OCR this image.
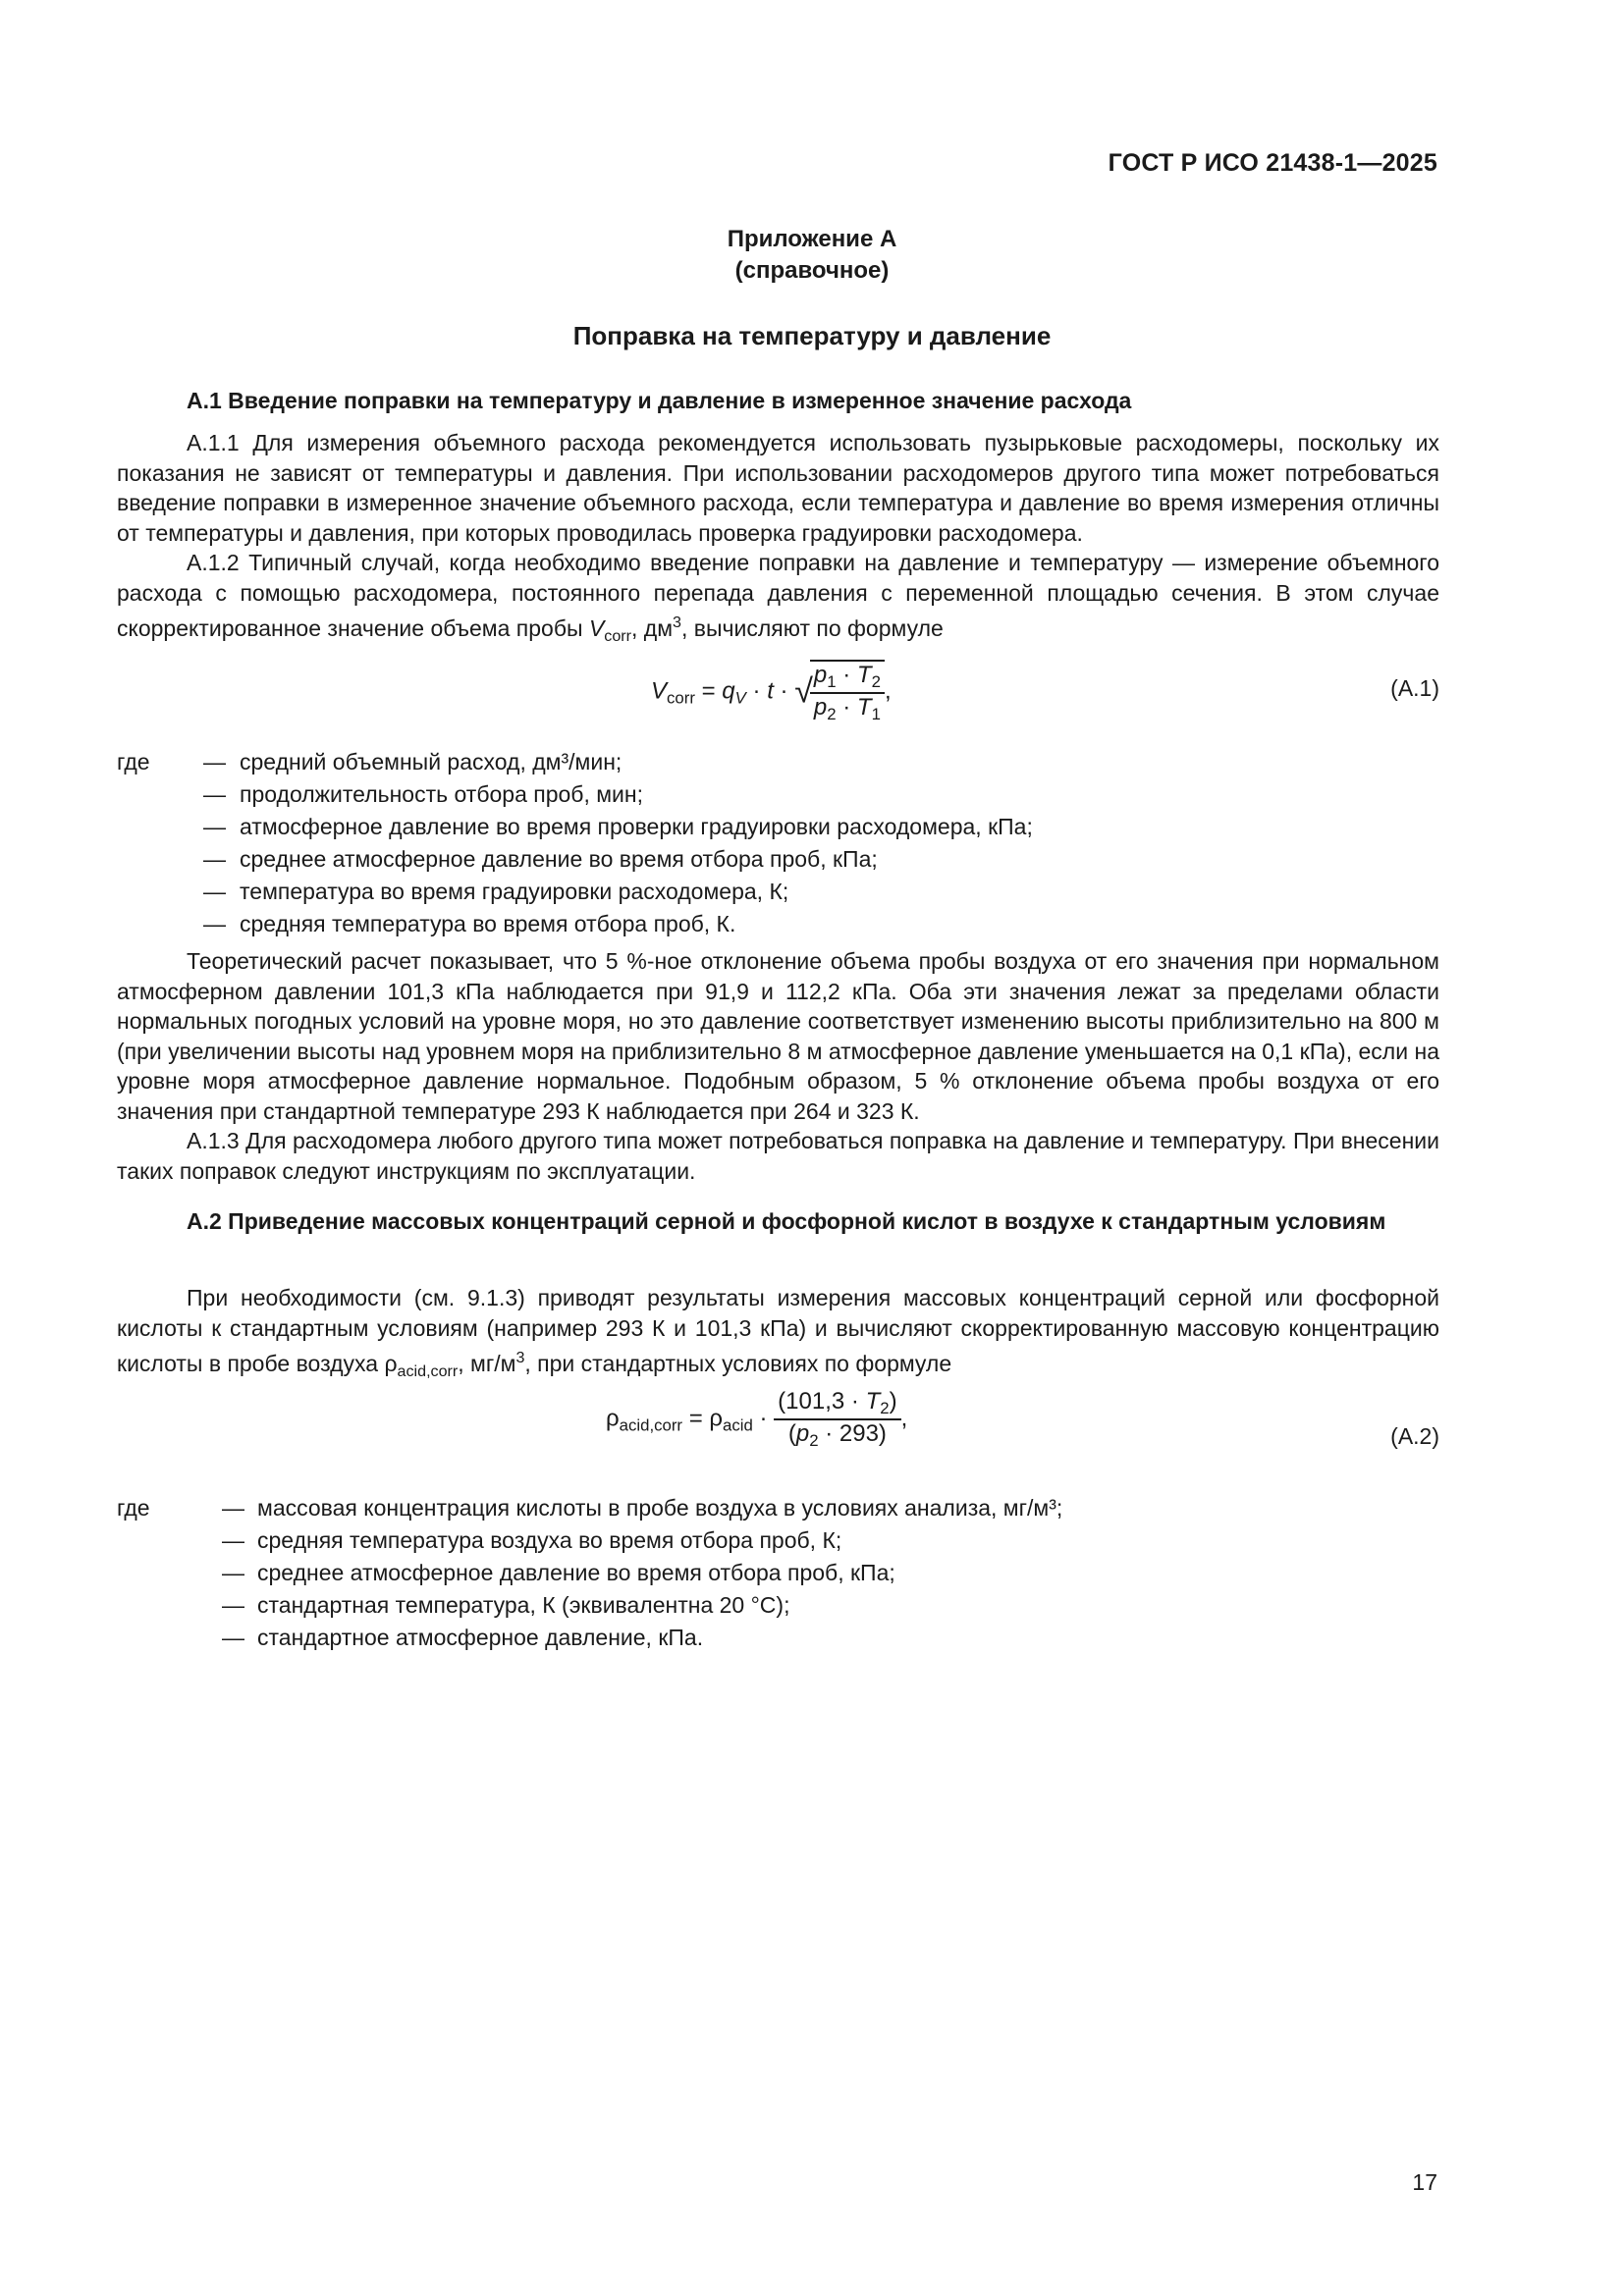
ГОСТ Р ИСО 21438-1—2025
Приложение А
(справочное)
Поправка на температуру и давление
А.1 Введение поправки на температуру и давление в измеренное значение расхода

А.1.1 Для измерения объемного расхода рекомендуется использовать пузырьковые расходомеры, поскольку их показания не зависят от температуры и давления. При использовании расходомеров другого типа может потребоваться введение поправки в измеренное значение объемного расхода, если температура и давление во время измерения отличны от температуры и давления, при которых проводилась проверка градуировки расходомера.

А.1.2 Типичный случай, когда необходимо введение поправки на давление и температуру — измерение объемного расхода с помощью расходомера, постоянного перепада давления с переменной площадью сечения. В этом случае скорректированное значение объема пробы $V_{corr}$, $дм^3$, вычисляют по формуле

$V_{corr} = q_V \cdot t$ · √
$\frac{p_1 \cdot T_2}{p_2 \cdot T_1}$ ,	(A.1)
где — средний объемный расход, дм³/мин;
— продолжительность отбора проб, мин;
— атмосферное давление во время проверки градуировки расходомера, кПа;
— среднее атмосферное давление во время отбора проб, кПа;
— температура во время градуировки расходомера, К;
— средняя температура во время отбора проб, К.

Теоретический расчет показывает, что 5 %-ное отклонение объема пробы воздуха от его значения при нормальном атмосферном давлении 101,3 кПа наблюдается при 91,9 и 112,2 кПа. Оба эти значения лежат за пределами области нормальных погодных условий на уровне моря, но это давление соответствует изменению высоты приблизительно на 800 м (при увеличении высоты над уровнем моря на приблизительно 8 м атмосферное давление уменьшается на 0,1 кПа), если на уровне моря атмосферное давление нормальное. Подобным образом, 5 % отклонение объема пробы воздуха от его значения при стандартной температуре 293 К наблюдается при 264 и 323 К.

А.1.3 Для расходомера любого другого типа может потребоваться поправка на давление и температуру. При внесении таких поправок следуют инструкциям по эксплуатации.

А.2 Приведение массовых концентраций серной и фосфорной кислот в воздухе к стандартным условиям

При необходимости (см. 9.1.3) приводят результаты измерения массовых концентраций серной или фосфорной кислоты к стандартным условиям (например 293 К и 101,3 кПа) и вычисляют скорректированную массовую концентрацию кислоты в пробе воздуха $\rho_{acid,corr}$, $мг/м^3$, при стандартных условиях по формуле

$\rho_{acid,corr} = \rho_{acid} \cdot \frac{(101,3 \cdot T_2)}{(p_2 \cdot 293)}$ ,
(A.2)
где	— массовая концентрация кислоты в пробе воздуха в условиях анализа, мг/м³;
— средняя температура воздуха во время отбора проб, К;
— среднее атмосферное давление во время отбора проб, кПа;
— стандартная температура, К (эквивалентна 20 °С);
— стандартное атмосферное давление, кПа.
17
